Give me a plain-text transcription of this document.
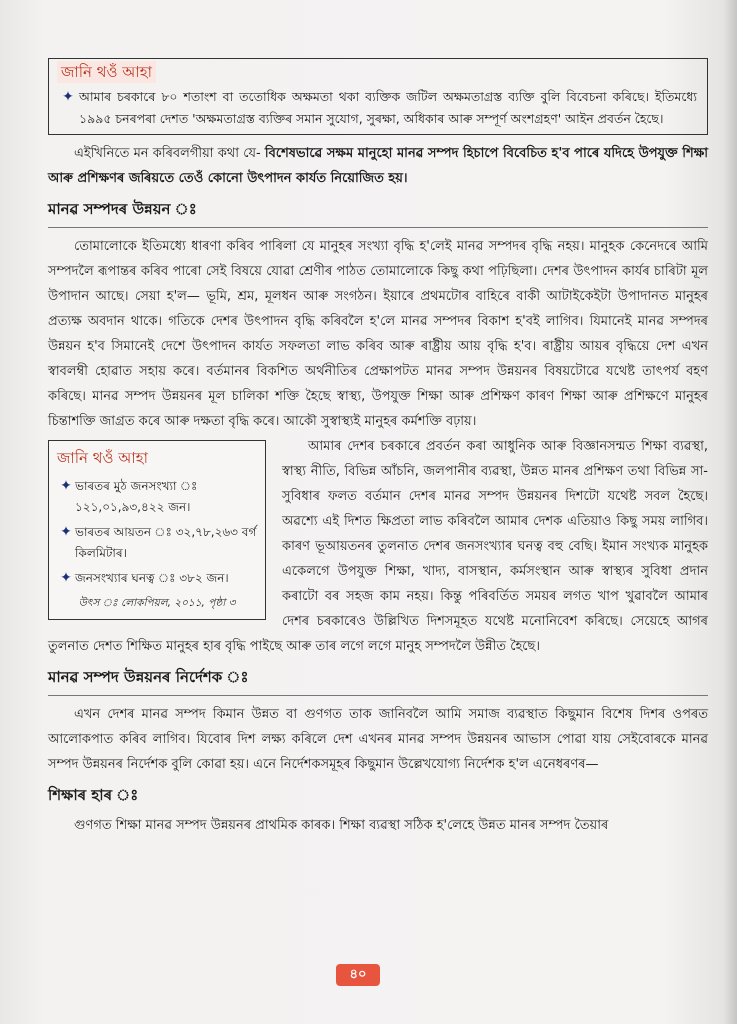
জানি থওঁ আহা
✦ আমাৰ চৰকাৰে ৮০ শতাংশ বা ততোধিক অক্ষমতা থকা ব্যক্তিক জটিল অক্ষমতাগ্ৰস্ত ব্যক্তি বুলি বিবেচনা কৰিছে। ইতিমধ্যে ১৯৯৫ চনৰপৰা দেশত 'অক্ষমতাগ্ৰস্ত ব্যক্তিৰ সমান সুযোগ, সুৰক্ষা, অধিকাৰ আৰু সম্পূৰ্ণ অংশগ্ৰহণ' আইন প্ৰবৰ্তন হৈছে।

এইখিনিতে মন কৰিবলগীয়া কথা যে- বিশেষভাৱে সক্ষম মানুহো মানৱ সম্পদ হিচাপে বিবেচিত হ'ব পাৰে যদিহে উপযুক্ত শিক্ষা আৰু প্ৰশিক্ষণৰ জৰিয়তে তেওঁ কোনো উৎপাদন কাৰ্যত নিয়োজিত হয়।

মানৱ সম্পদৰ উন্নয়ন ঃ

তোমালোকে ইতিমধ্যে ধাৰণা কৰিব পাৰিলা যে মানুহৰ সংখ্যা বৃদ্ধি হ'লেই মানৱ সম্পদৰ বৃদ্ধি নহয়। মানুহক কেনেদৰে আমি সম্পদলৈ ৰূপান্তৰ কৰিব পাৰো সেই বিষয়ে যোৱা শ্ৰেণীৰ পাঠত তোমালোকে কিছু কথা পঢ়িছিলা। দেশৰ উৎপাদন কাৰ্যৰ চাৰিটা মূল উপাদান আছে। সেয়া হ'ল— ভূমি, শ্ৰম, মূলধন আৰু সংগঠন। ইয়াৰে প্ৰথমটোৰ বাহিৰে বাকী আটাইকেইটা উপাদানত মানুহৰ প্ৰত্যক্ষ অবদান থাকে। গতিকে দেশৰ উৎপাদন বৃদ্ধি কৰিবলৈ হ'লে মানৱ সম্পদৰ বিকাশ হ'বই লাগিব। যিমানেই মানৱ সম্পদৰ উন্নয়ন হ'ব সিমানেই দেশে উৎপাদন কাৰ্যত সফলতা লাভ কৰিব আৰু ৰাষ্ট্ৰীয় আয় বৃদ্ধি হ'ব। ৰাষ্ট্ৰীয় আয়ৰ বৃদ্ধিয়ে দেশ এখন স্বাবলম্বী হোৱাত সহায় কৰে। বৰ্তমানৰ বিকশিত অৰ্থনীতিৰ প্ৰেক্ষাপটত মানৱ সম্পদ উন্নয়নৰ বিষয়টোৱে যথেষ্ট তাৎপৰ্য বহণ কৰিছে। মানৱ সম্পদ উন্নয়নৰ মূল চালিকা শক্তি হৈছে স্বাস্থ্য, উপযুক্ত শিক্ষা আৰু প্ৰশিক্ষণ কাৰণ শিক্ষা আৰু প্ৰশিক্ষণে মানুহৰ চিন্তাশক্তি জাগ্ৰত কৰে আৰু দক্ষতা বৃদ্ধি কৰে। আকৌ সুস্বাস্থ্যই মানুহৰ কৰ্মশক্তি বঢ়ায়।

জানি থওঁ আহা
✦ ভাৰতৰ মুঠ জনসংখ্যা ঃ ১২১,০১,৯৩,৪২২ জন।
✦ ভাৰতৰ আয়তন ঃ ৩২,৭৮,২৬৩ বৰ্গ কিলমিটাৰ।
✦ জনসংখ্যাৰ ঘনত্ব ঃ ৩৮২ জন।
উৎস ঃ লোকপিয়ল, ২০১১, পৃষ্ঠা ৩

আমাৰ দেশৰ চৰকাৰে প্ৰবৰ্তন কৰা আধুনিক আৰু বিজ্ঞানসন্মত শিক্ষা ব্যৱস্থা, স্বাস্থ্য নীতি, বিভিন্ন আঁচনি, জলপানীৰ ব্যৱস্থা, উন্নত মানৰ প্ৰশিক্ষণ তথা বিভিন্ন সা-সুবিধাৰ ফলত বৰ্তমান দেশৰ মানৱ সম্পদ উন্নয়নৰ দিশটো যথেষ্ট সবল হৈছে। অৱশ্যে এই দিশত ক্ষিপ্ৰতা লাভ কৰিবলৈ আমাৰ দেশক এতিয়াও কিছু সময় লাগিব। কাৰণ ভূআয়তনৰ তুলনাত দেশৰ জনসংখ্যাৰ ঘনত্ব বহু বেছি। ইমান সংখ্যক মানুহক একেলগে উপযুক্ত শিক্ষা, খাদ্য, বাসস্থান, কৰ্মসংস্থান আৰু স্বাস্থ্যৰ সুবিধা প্ৰদান কৰাটো বৰ সহজ কাম নহয়। কিন্তু পৰিবৰ্তিত সময়ৰ লগত খাপ খুৱাবলৈ আমাৰ দেশৰ চৰকাৰেও উল্লিখিত দিশসমূহত যথেষ্ট মনোনিবেশ কৰিছে। সেয়েহে আগৰ তুলনাত দেশত শিক্ষিত মানুহৰ হাৰ বৃদ্ধি পাইছে আৰু তাৰ লগে লগে মানুহ সম্পদলৈ উন্নীত হৈছে।

মানৱ সম্পদ উন্নয়নৰ নিৰ্দেশক ঃ

এখন দেশৰ মানৱ সম্পদ কিমান উন্নত বা গুণগত তাক জানিবলৈ আমি সমাজ ব্যৱস্থাত কিছুমান বিশেষ দিশৰ ওপৰত আলোকপাত কৰিব লাগিব। যিবোৰ দিশ লক্ষ্য কৰিলে দেশ এখনৰ মানৱ সম্পদ উন্নয়নৰ আভাস পোৱা যায় সেইবোৰকে মানৱ সম্পদ উন্নয়নৰ নিৰ্দেশক বুলি কোৱা হয়। এনে নিৰ্দেশকসমূহৰ কিছুমান উল্লেখযোগ্য নিৰ্দেশক হ'ল এনেধৰণৰ—

শিক্ষাৰ হাৰ ঃ

গুণগত শিক্ষা মানৱ সম্পদ উন্নয়নৰ প্ৰাথমিক কাৰক। শিক্ষা ব্যৱস্থা সঠিক হ'লেহে উন্নত মানৰ সম্পদ তৈয়াৰ

৪০
